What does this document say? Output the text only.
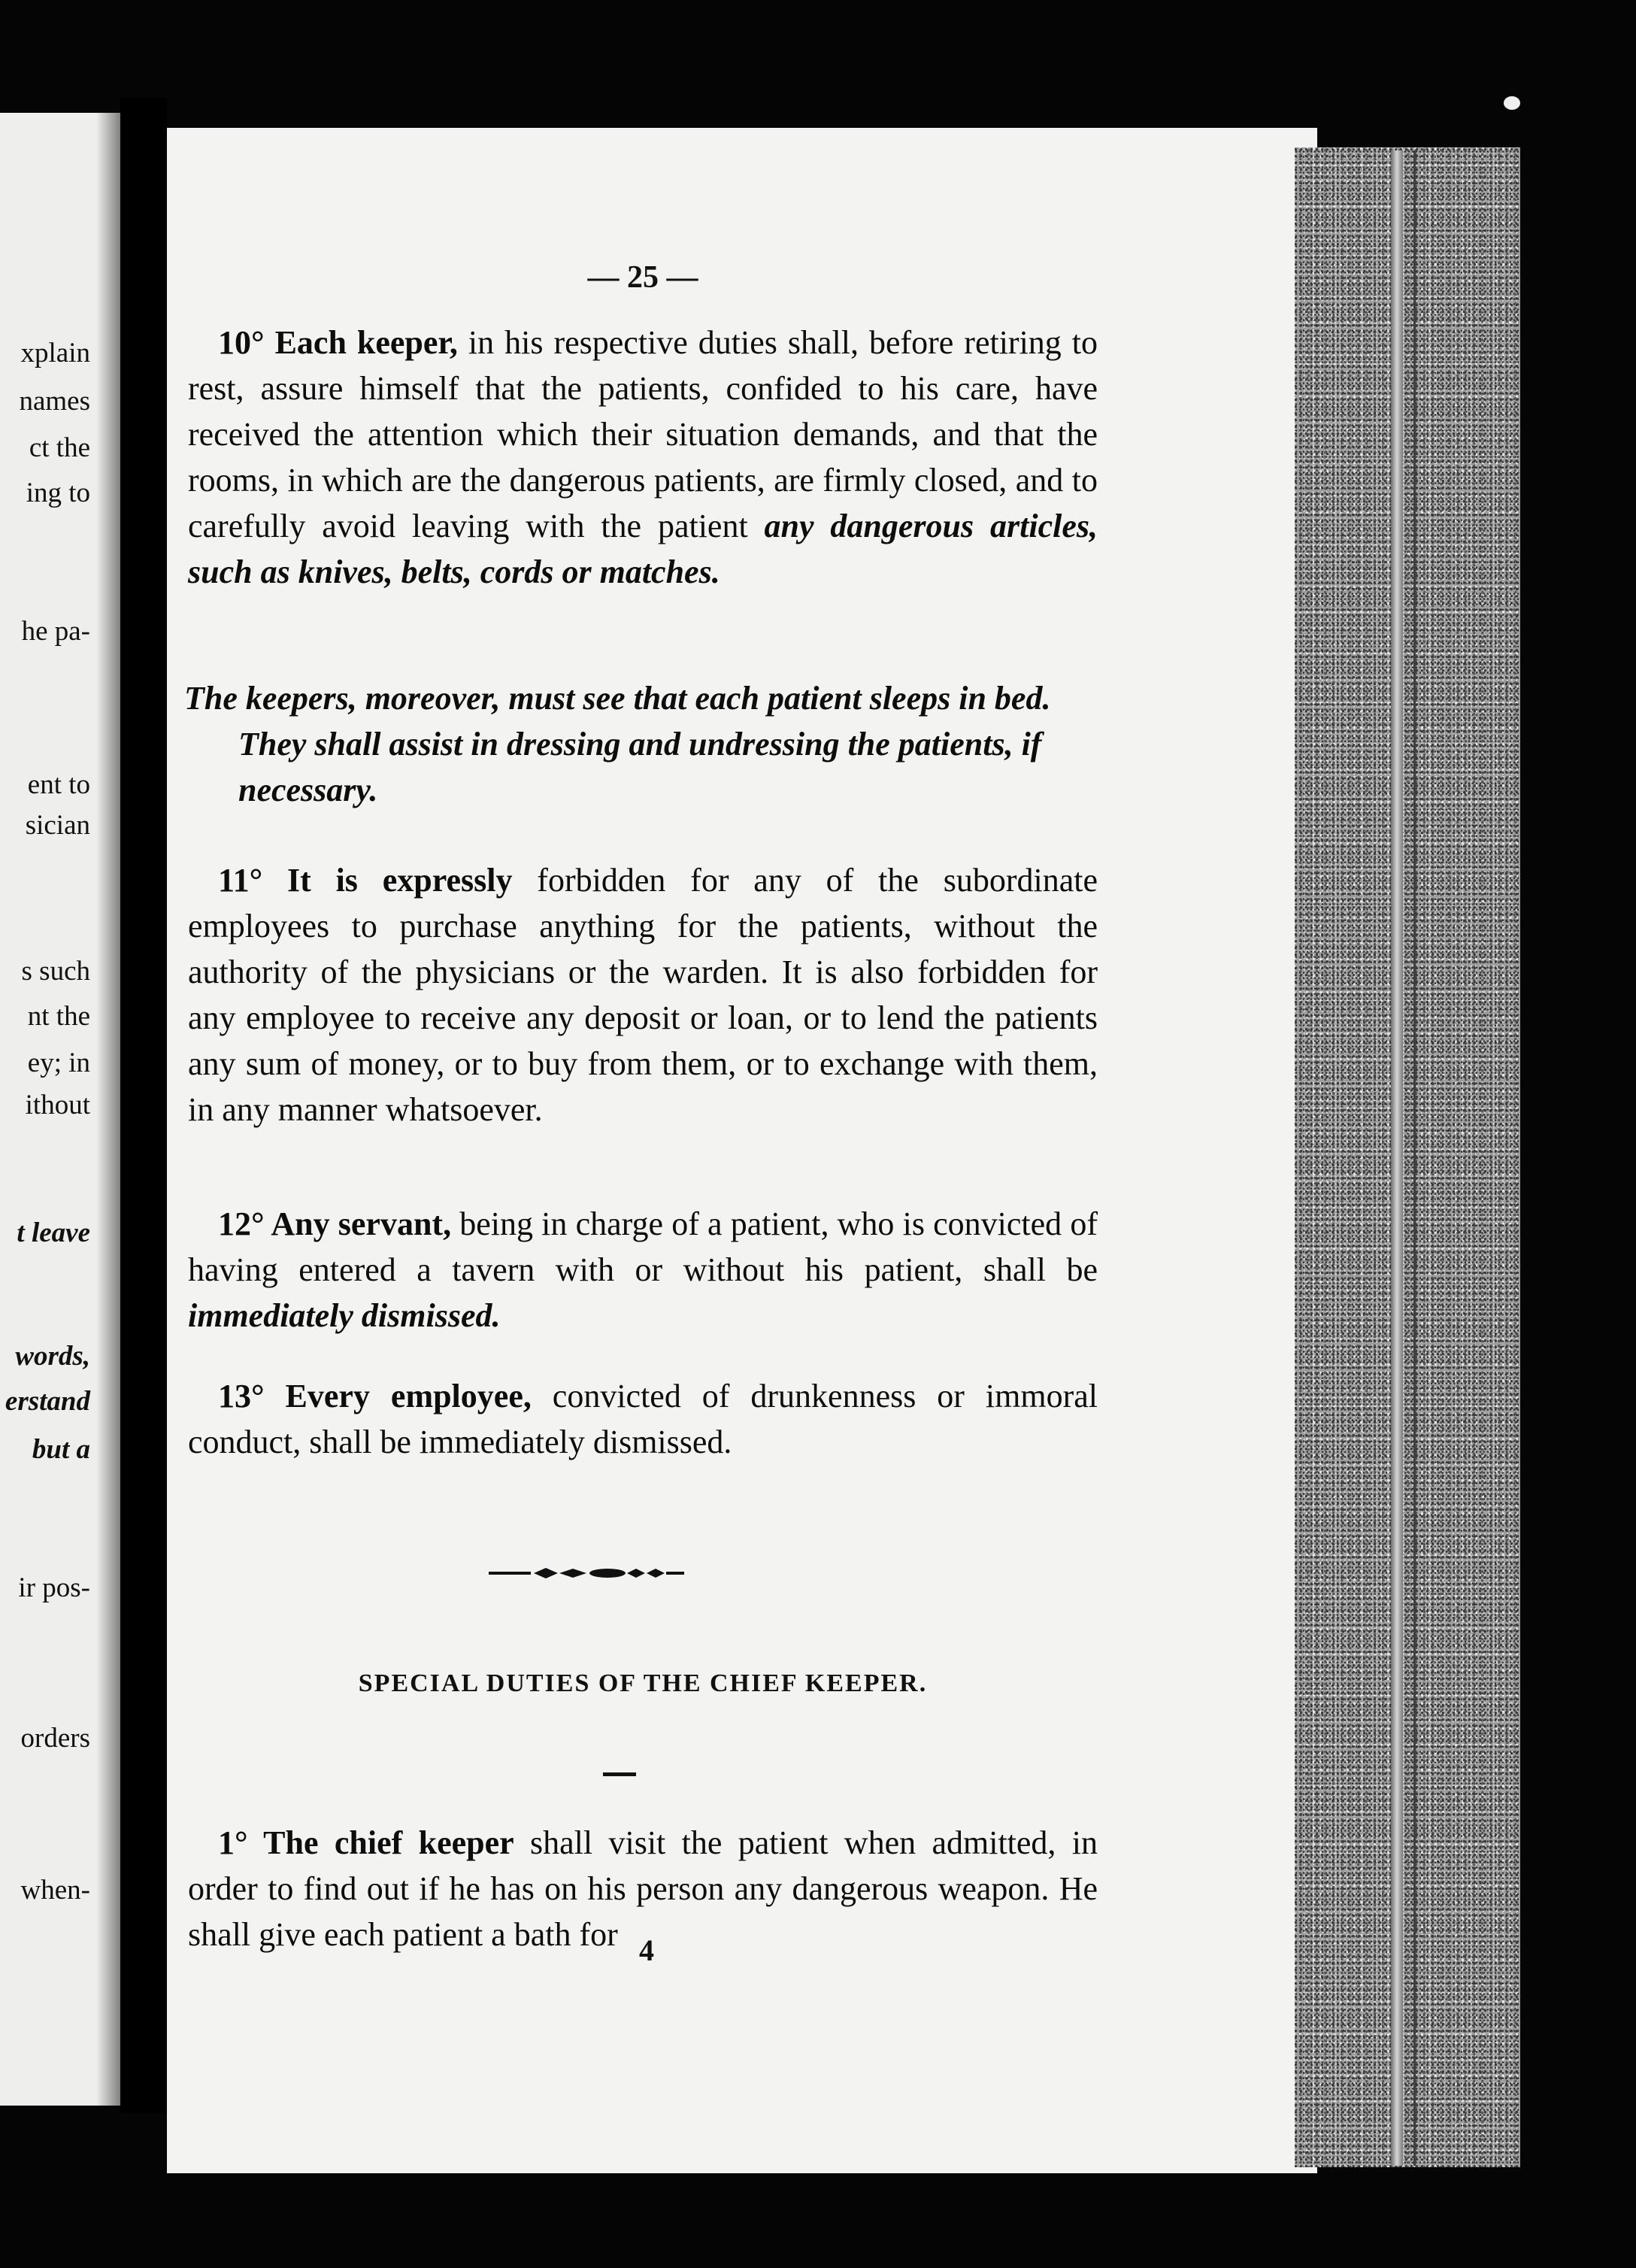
xplain
names
ct the
ing to
he pa-
ent to
sician
s such
nt the
ey; in
ithout
t leave
words,
erstand
but a
ir pos-
orders
when-
— 25 —

10° Each keeper, in his respective duties shall, before retiring to rest, assure himself that the patients, confided to his care, have received the attention which their situation demands, and that the rooms, in which are the dangerous patients, are firmly closed, and to carefully avoid leaving with the patient any dangerous articles, such as knives, belts, cords or matches.

The keepers, moreover, must see that each patient sleeps in bed.

They shall assist in dressing and undressing the patients, if necessary.

11° It is expressly forbidden for any of the subordinate employees to purchase anything for the patients, without the authority of the physicians or the warden. It is also forbidden for any employee to receive any deposit or loan, or to lend the patients any sum of money, or to buy from them, or to exchange with them, in any manner whatsoever.

12° Any servant, being in charge of a patient, who is convicted of having entered a tavern with or without his patient, shall be immediately dismissed.

13° Every employee, convicted of drunkenness or immoral conduct, shall be immediately dismissed.

SPECIAL DUTIES OF THE CHIEF KEEPER.

1° The chief keeper shall visit the patient when admitted, in order to find out if he has on his person any dangerous weapon. He shall give each patient a bath for 4
